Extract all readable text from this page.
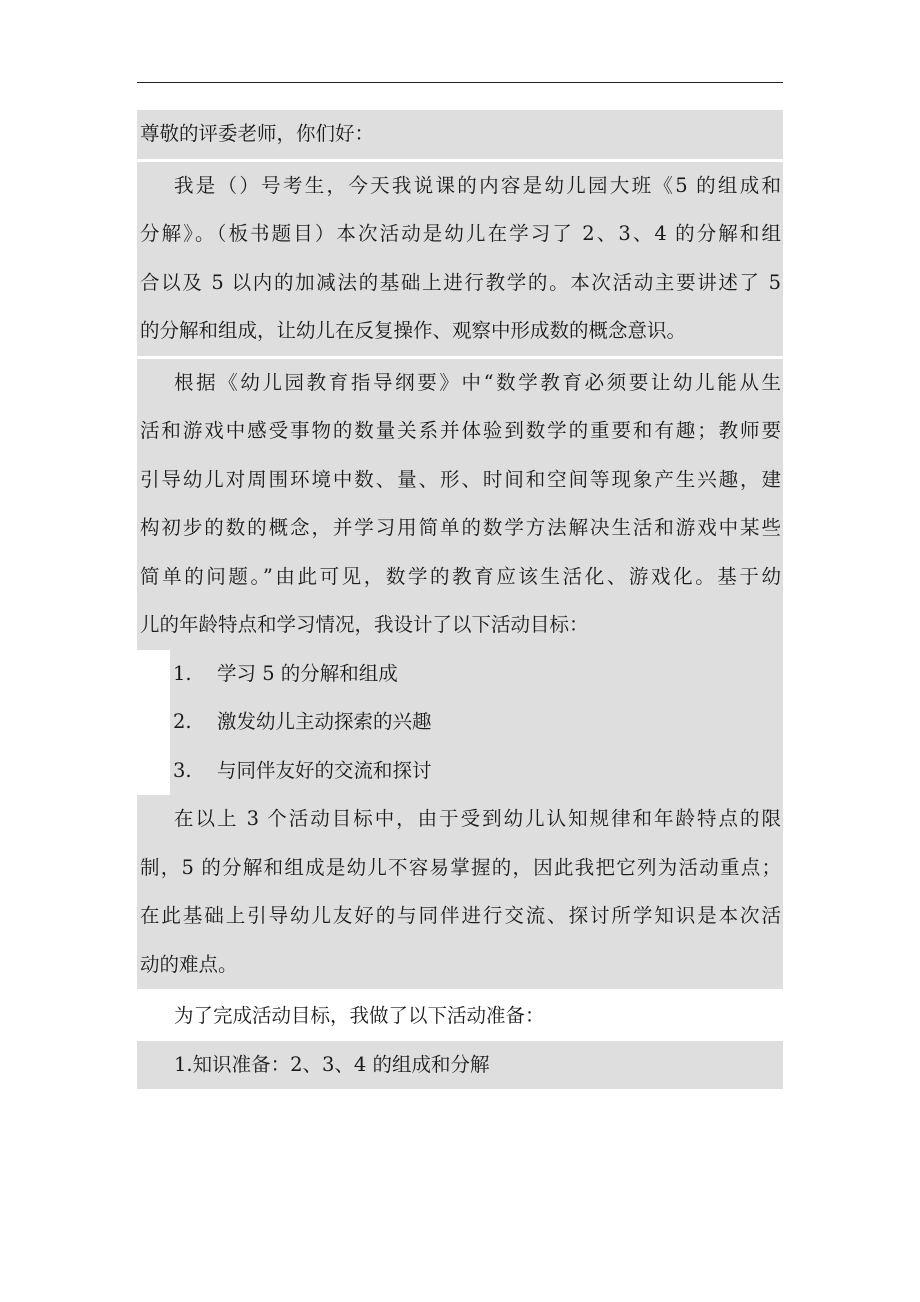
尊敬的评委老师，你们好：
我是（）号考生，今天我说课的内容是幼儿园大班《5 的组成和
分解》。（板书题目）本次活动是幼儿在学习了 2、3、4 的分解和组
合以及 5 以内的加减法的基础上进行教学的。本次活动主要讲述了 5
的分解和组成，让幼儿在反复操作、观察中形成数的概念意识。
根据《幼儿园教育指导纲要》中“数学教育必须要让幼儿能从生
活和游戏中感受事物的数量关系并体验到数学的重要和有趣；教师要
引导幼儿对周围环境中数、量、形、时间和空间等现象产生兴趣，建
构初步的数的概念，并学习用简单的数学方法解决生活和游戏中某些
简单的问题。”由此可见，数学的教育应该生活化、游戏化。基于幼
儿的年龄特点和学习情况，我设计了以下活动目标：
1. 学习 5 的分解和组成
2. 激发幼儿主动探索的兴趣
3. 与同伴友好的交流和探讨
在以上 3 个活动目标中，由于受到幼儿认知规律和年龄特点的限
制，5 的分解和组成是幼儿不容易掌握的，因此我把它列为活动重点；
在此基础上引导幼儿友好的与同伴进行交流、探讨所学知识是本次活
动的难点。
为了完成活动目标，我做了以下活动准备：
1.知识准备：2、3、4 的组成和分解
